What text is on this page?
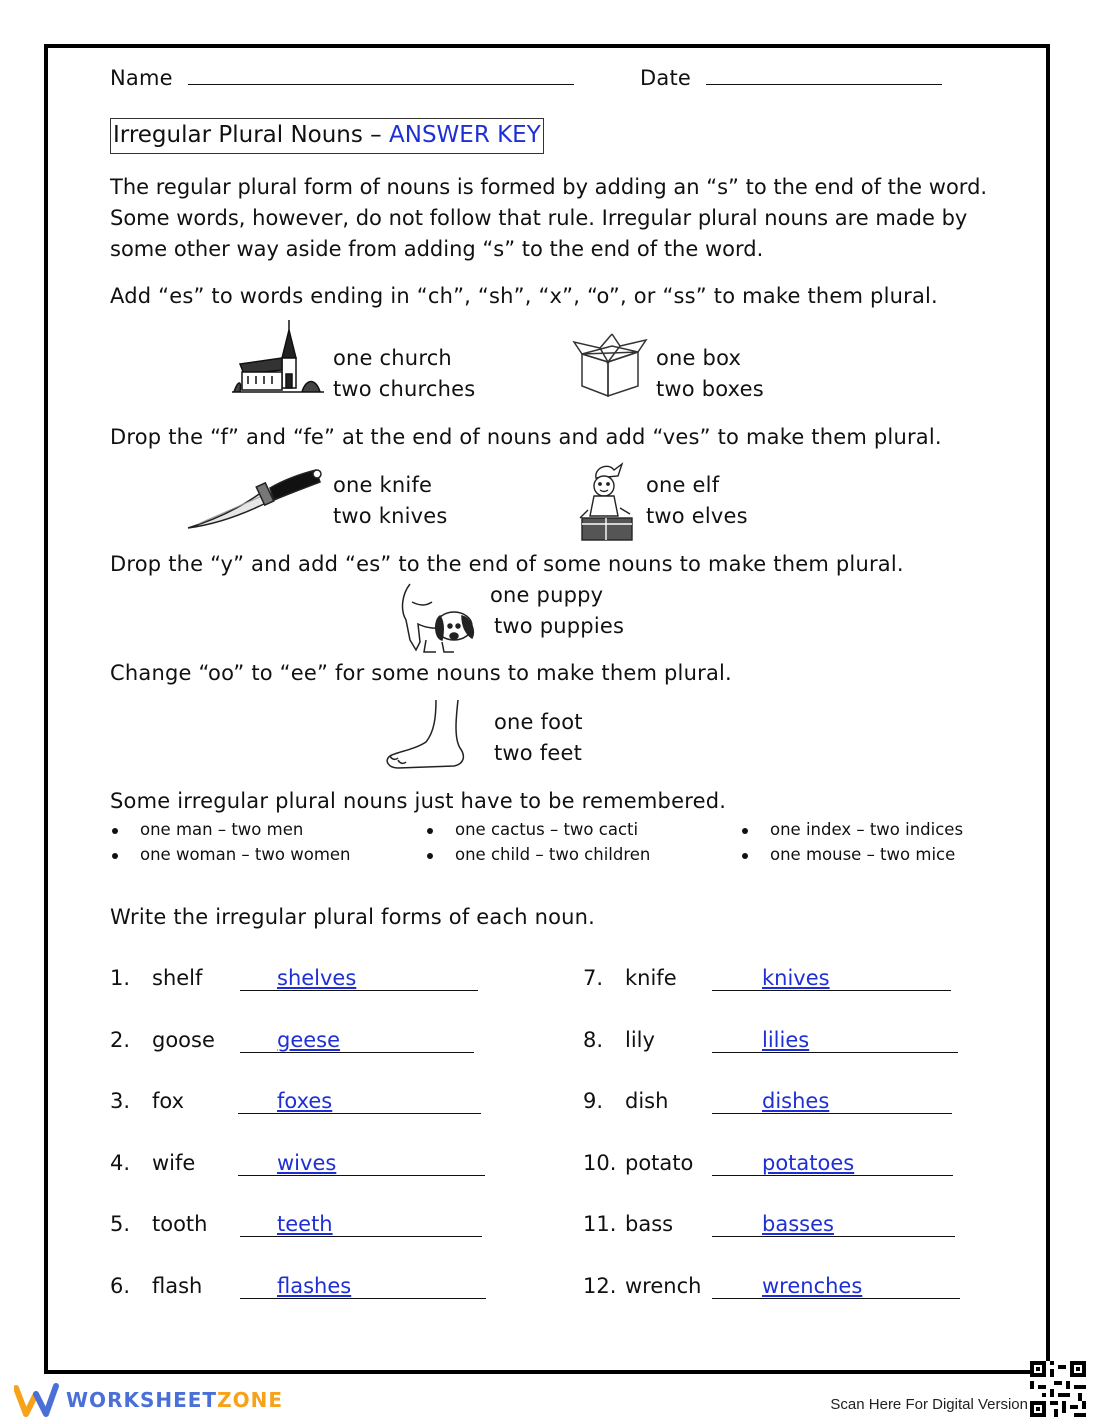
Name	Date
Irregular Plural Nouns – ANSWER KEY
The regular plural form of nouns is formed by adding an “s” to the end of the word. Some words, however, do not follow that rule. Irregular plural nouns are made by some other way aside from adding “s” to the end of the word.
Add “es” to words ending in “ch”, “sh”, “x”, “o”, or “ss” to make them plural.
one church
two churches
one box
two boxes
Drop the “f” and “fe” at the end of nouns and add “ves” to make them plural.
one knife
two knives
one elf
two elves
Drop the “y” and add “es” to the end of some nouns to make them plural.
one puppy
two puppies
Change “oo” to “ee” for some nouns to make them plural.
one foot
two feet
Some irregular plural nouns just have to be remembered.
one man – two men
one woman – two women
one cactus – two cacti
one child – two children
one index – two indices
one mouse – two mice
Write the irregular plural forms of each noun.
1. shelf	shelves
2. goose	geese
3. fox	foxes
4. wife	wives
5. tooth	teeth
6. flash	flashes
7. knife	knives
8. lily	lilies
9. dish	dishes
10. potato	potatoes
11. bass	basses
12. wrench	wrenches
WORKSHEETZONE	Scan Here For Digital Version
